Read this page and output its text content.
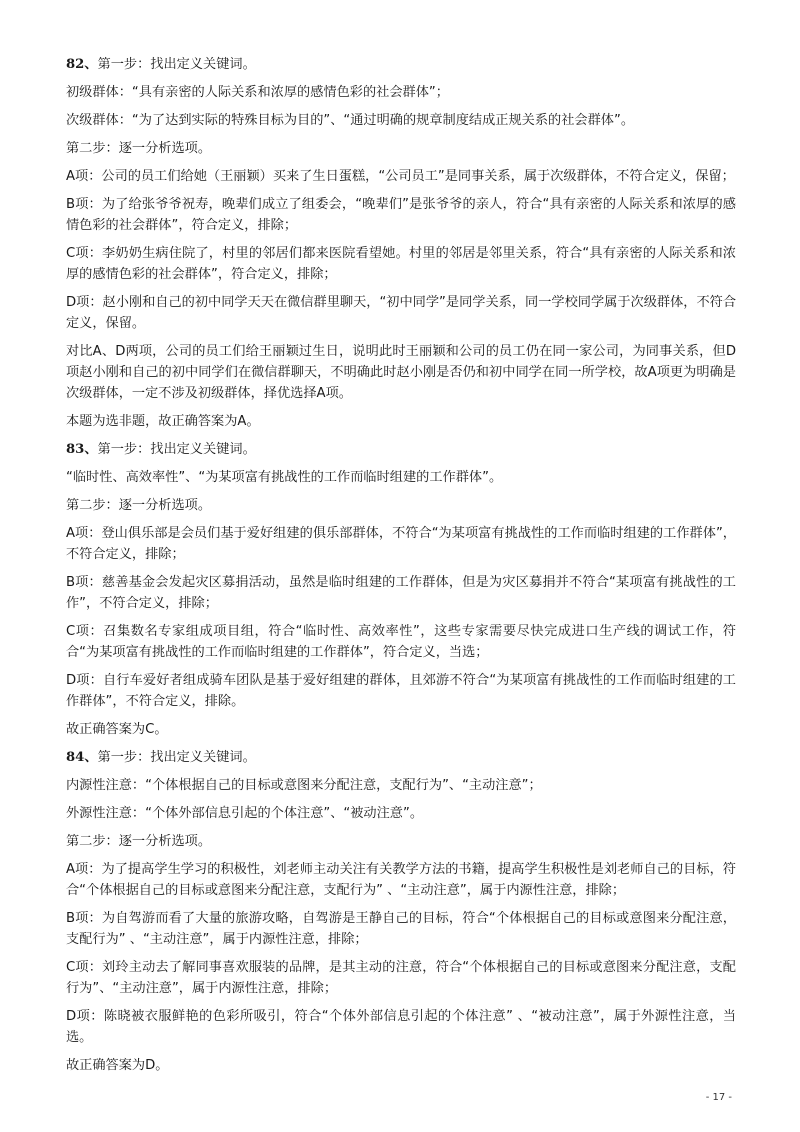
82、第一步：找出定义关键词。

初级群体：“具有亲密的人际关系和浓厚的感情色彩的社会群体”；

次级群体：“为了达到实际的特殊目标为目的”、“通过明确的规章制度结成正规关系的社会群体”。

第二步：逐一分析选项。

A项：公司的员工们给她（王丽颖）买来了生日蛋糕，“公司员工”是同事关系，属于次级群体，不符合定义，保留；

B项：为了给张爷爷祝寿，晚辈们成立了组委会，“晚辈们”是张爷爷的亲人，符合“具有亲密的人际关系和浓厚的感情色彩的社会群体”，符合定义，排除；

C项：李奶奶生病住院了，村里的邻居们都来医院看望她。村里的邻居是邻里关系，符合“具有亲密的人际关系和浓厚的感情色彩的社会群体”，符合定义，排除；

D项：赵小刚和自己的初中同学天天在微信群里聊天，“初中同学”是同学关系，同一学校同学属于次级群体，不符合定义，保留。

对比A、D两项，公司的员工们给王丽颖过生日，说明此时王丽颖和公司的员工仍在同一家公司，为同事关系，但D项赵小刚和自己的初中同学们在微信群聊天，不明确此时赵小刚是否仍和初中同学在同一所学校，故A项更为明确是次级群体，一定不涉及初级群体，择优选择A项。

本题为选非题，故正确答案为A。

83、第一步：找出定义关键词。

“临时性、高效率性”、“为某项富有挑战性的工作而临时组建的工作群体”。

第二步：逐一分析选项。

A项：登山俱乐部是会员们基于爱好组建的俱乐部群体，不符合“为某项富有挑战性的工作而临时组建的工作群体”，不符合定义，排除；

B项：慈善基金会发起灾区募捐活动，虽然是临时组建的工作群体，但是为灾区募捐并不符合“某项富有挑战性的工作”，不符合定义，排除；

C项：召集数名专家组成项目组，符合“临时性、高效率性”，这些专家需要尽快完成进口生产线的调试工作，符合“为某项富有挑战性的工作而临时组建的工作群体”，符合定义，当选；

D项：自行车爱好者组成骑车团队是基于爱好组建的群体，且郊游不符合“为某项富有挑战性的工作而临时组建的工作群体”，不符合定义，排除。

故正确答案为C。

84、第一步：找出定义关键词。

内源性注意：“个体根据自己的目标或意图来分配注意，支配行为”、“主动注意”；

外源性注意：“个体外部信息引起的个体注意”、“被动注意”。

第二步：逐一分析选项。

A项：为了提高学生学习的积极性，刘老师主动关注有关教学方法的书籍，提高学生积极性是刘老师自己的目标，符合“个体根据自己的目标或意图来分配注意，支配行为” 、“主动注意”，属于内源性注意，排除；

B项：为自驾游而看了大量的旅游攻略，自驾游是王静自己的目标，符合“个体根据自己的目标或意图来分配注意，支配行为” 、“主动注意”，属于内源性注意，排除；

C项：刘玲主动去了解同事喜欢服装的品牌，是其主动的注意，符合“个体根据自己的目标或意图来分配注意，支配行为”、“主动注意”，属于内源性注意，排除；

D项：陈晓被衣服鲜艳的色彩所吸引，符合“个体外部信息引起的个体注意” 、“被动注意”，属于外源性注意，当选。

故正确答案为D。

- 17 -
